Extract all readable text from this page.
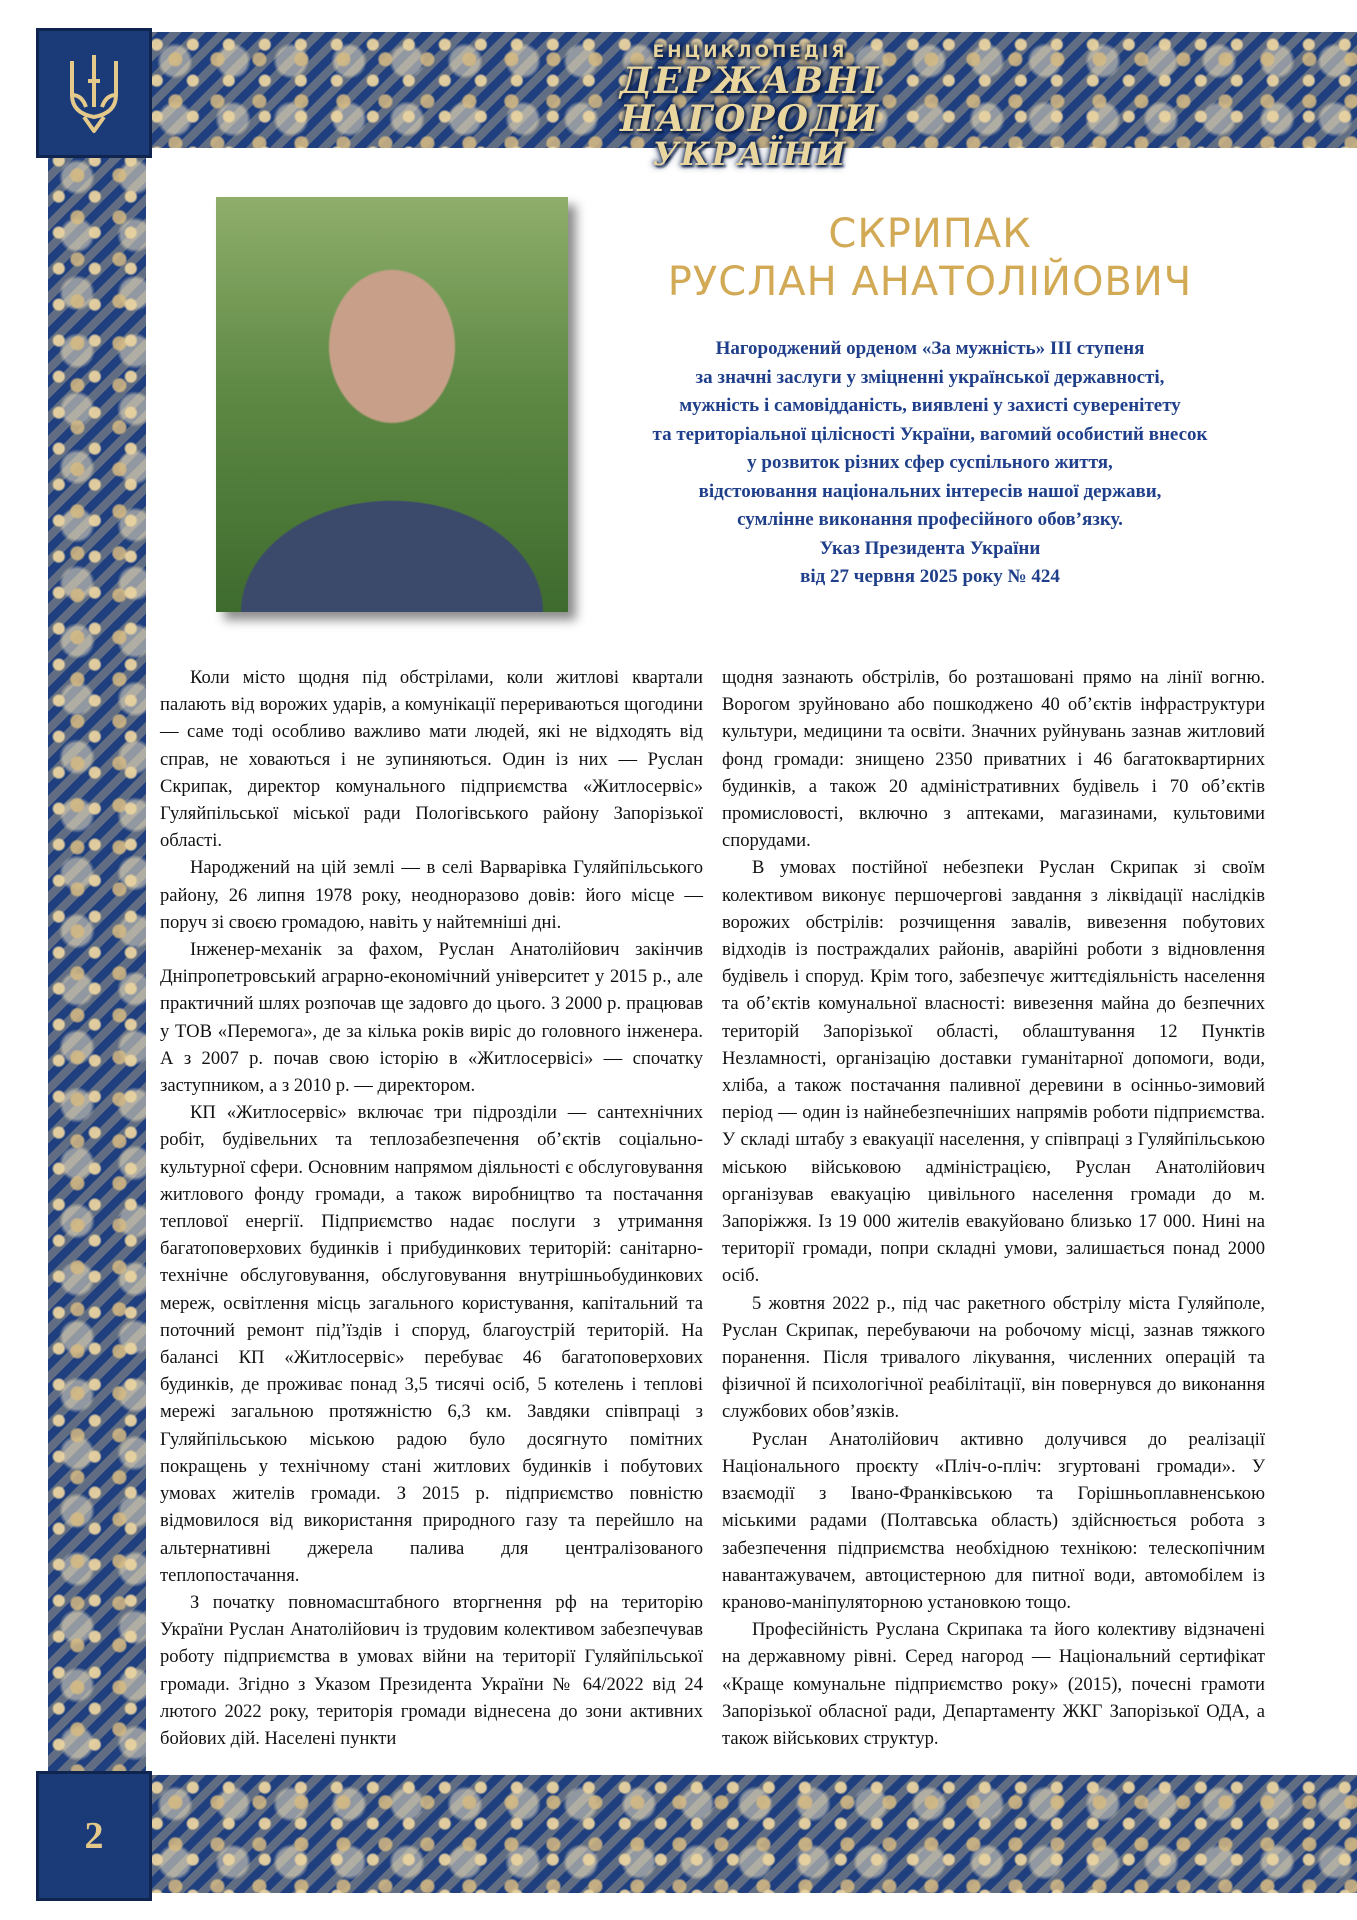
ЕНЦИКЛОПЕДІЯ
ДЕРЖАВНІ НАГОРОДИ
УКРАЇНИ
2
СКРИПАК
РУСЛАН АНАТОЛІЙОВИЧ
Нагороджений орденом «За мужність» ІІІ ступеня
за значні заслуги у зміцненні української державності,
мужність і самовідданість, виявлені у захисті суверенітету
та територіальної цілісності України, вагомий особистий внесок
у розвиток різних сфер суспільного життя,
відстоювання національних інтересів нашої держави,
сумлінне виконання професійного обов’язку.
Указ Президента України
від 27 червня 2025 року № 424

Коли місто щодня під обстрілами, коли житлові квартали палають від ворожих ударів, а комунікації перериваються щогодини — саме тоді особливо важливо мати людей, які не відходять від справ, не ховаються і не зупиняються. Один із них — Руслан Скрипак, директор комунального підприємства «Житлосервіс» Гуляйпільської міської ради Пологівського району Запорізької області.

Народжений на цій землі — в селі Варварівка Гуляйпільського району, 26 липня 1978 року, неодноразово довів: його місце — поруч зі своєю громадою, навіть у найтемніші дні.

Інженер-механік за фахом, Руслан Анатолійович закінчив Дніпропетровський аграрно-економічний університет у 2015 р., але практичний шлях розпочав ще задовго до цього. З 2000 р. працював у ТОВ «Перемога», де за кілька років виріс до головного інженера. А з 2007 р. почав свою історію в «Житлосервісі» — спочатку заступником, а з 2010 р. — директором.

КП «Житлосервіс» включає три підрозділи — сантехнічних робіт, будівельних та теплозабезпечення об’єктів соціально-культурної сфери. Основним напрямом діяльності є обслуговування житлового фонду громади, а також виробництво та постачання теплової енергії. Підприємство надає послуги з утримання багатоповерхових будинків і прибудинкових територій: санітарно-технічне обслуговування, обслуговування внутрішньобудинкових мереж, освітлення місць загального користування, капітальний та поточний ремонт під’їздів і споруд, благоустрій територій. На балансі КП «Житлосервіс» перебуває 46 багатоповерхових будинків, де проживає понад 3,5 тисячі осіб, 5 котелень і теплові мережі загальною протяжністю 6,3 км. Завдяки співпраці з Гуляйпільською міською радою було досягнуто помітних покращень у технічному стані житлових будинків і побутових умовах жителів громади. З 2015 р. підприємство повністю відмовилося від використання природного газу та перейшло на альтернативні джерела палива для централізованого теплопостачання.

З початку повномасштабного вторгнення рф на територію України Руслан Анатолійович із трудовим колективом забезпечував роботу підприємства в умовах війни на території Гуляйпільської громади. Згідно з Указом Президента України № 64/2022 від 24 лютого 2022 року, територія громади віднесена до зони активних бойових дій. Населені пункти

щодня зазнають обстрілів, бо розташовані прямо на лінії вогню. Ворогом зруйновано або пошкоджено 40 об’єктів інфраструктури культури, медицини та освіти. Значних руйнувань зазнав житловий фонд громади: знищено 2350 приватних і 46 багатоквартирних будинків, а також 20 адміністративних будівель і 70 об’єктів промисловості, включно з аптеками, магазинами, культовими спорудами.

В умовах постійної небезпеки Руслан Скрипак зі своїм колективом виконує першочергові завдання з ліквідації наслідків ворожих обстрілів: розчищення завалів, вивезення побутових відходів із постраждалих районів, аварійні роботи з відновлення будівель і споруд. Крім того, забезпечує життєдіяльність населення та об’єктів комунальної власності: вивезення майна до безпечних територій Запорізької області, облаштування 12 Пунктів Незламності, організацію доставки гуманітарної допомоги, води, хліба, а також постачання паливної деревини в осінньо-зимовий період — один із найнебезпечніших напрямів роботи підприємства. У складі штабу з евакуації населення, у співпраці з Гуляйпільською міською військовою адміністрацією, Руслан Анатолійович організував евакуацію цивільного населення громади до м. Запоріжжя. Із 19 000 жителів евакуйовано близько 17 000. Нині на території громади, попри складні умови, залишається понад 2000 осіб.

5 жовтня 2022 р., під час ракетного обстрілу міста Гуляйполе, Руслан Скрипак, перебуваючи на робочому місці, зазнав тяжкого поранення. Після тривалого лікування, численних операцій та фізичної й психологічної реабілітації, він повернувся до виконання службових обов’язків.

Руслан Анатолійович активно долучився до реалізації Національного проєкту «Пліч-о-пліч: згуртовані громади». У взаємодії з Івано-Франківською та Горішньоплавненською міськими радами (Полтавська область) здійснюється робота з забезпечення підприємства необхідною технікою: телескопічним навантажувачем, автоцистерною для питної води, автомобілем із краново-маніпуляторною установкою тощо.

Професійність Руслана Скрипака та його колективу відзначені на державному рівні. Серед нагород — Національний сертифікат «Краще комунальне підприємство року» (2015), почесні грамоти Запорізької обласної ради, Департаменту ЖКГ Запорізької ОДА, а також військових структур.
